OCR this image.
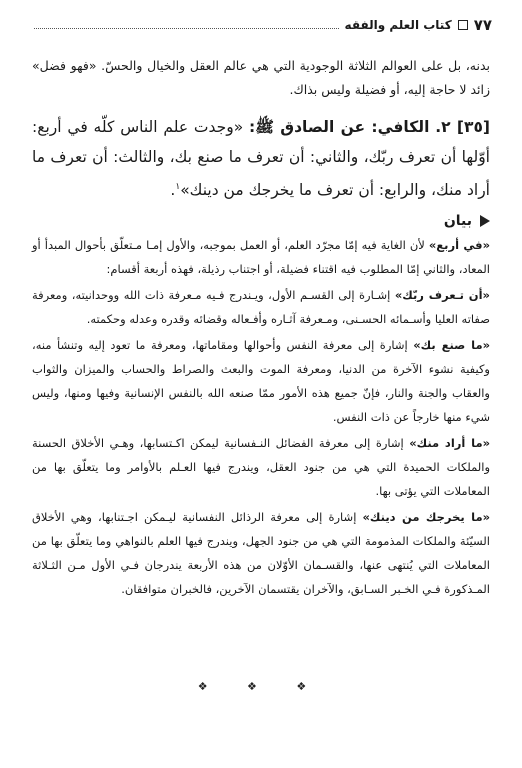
٧٧
كتاب العلم والفقه

بدنه، بل على العوالم الثلاثة الوجودية التي هي عالم العقل والخيال والحسّ. «فهو فضل» زائد لا حاجة إليه، أو فضيلة وليس بذاك.

[٣٥] ٢. الكافي: عن الصادق ﷺ: «وجدت علم الناس كلّه في أربع: أوّلها أن تعرف ربّك، والثاني: أن تعرف ما صنع بك، والثالث: أن تعرف ما أراد منك، والرابع: أن تعرف ما يخرجك من دينك»$^١$.

بيان

«في أربع» لأن الغاية فيه إمّا مجرّد العلم، أو العمل بموجبه، والأول إمـا مـتعلّق بأحوال المبدأ أو المعاد، والثاني إمّا المطلوب فيه اقتناء فضيلة، أو اجتناب رذيلة، فهذه أربعة أقسام:

«أن تـعرف ربّك» إشـارة إلى القسـم الأول، ويـندرج فـيه مـعرفة ذات الله ووحدانيته، ومعرفة صفاته العليا وأسـمائه الحسـنى، ومـعرفة آثـاره وأفـعاله وقضائه وقدره وعدله وحكمته.

«ما صنع بك» إشارة إلى معرفة النفس وأحوالها ومقاماتها، ومعرفة ما تعود إليه وتنشأ منه، وكيفية نشوء الآخرة من الدنيا، ومعرفة الموت والبعث والصراط والحساب والميزان والثواب والعقاب والجنة والنار، فإنّ جميع هذه الأمور ممّا صنعه الله بالنفس الإنسانية وفيها ومنها، وليس شيء منها خارجاً عن ذات النفس.

«ما أراد منك» إشارة إلى معرفة الفضائل النـفسانية ليمكن اكـتسابها، وهـي الأخلاق الحسنة والملكات الحميدة التي هي من جنود العقل، ويندرج فيها العـلم بالأوامر وما يتعلّق بها من المعاملات التي يؤتى بها.

«ما يخرجك من دينك» إشارة إلى معرفة الرذائل النفسانية ليـمكن اجـتنابها، وهي الأخلاق السيّئة والملكات المذمومة التي هي من جنود الجهل، ويندرج فيها العلم بالنواهي وما يتعلّق بها من المعاملات التي يُنتهى عنها، والقسـمان الأوّلان من هذه الأربعة يندرجان فـي الأول مـن الثـلاثة المـذكورة فـي الخـبر السـابق، والآخران يقتسمان الآخرين، فالخبران متوافقان.

❖ ❖ ❖
